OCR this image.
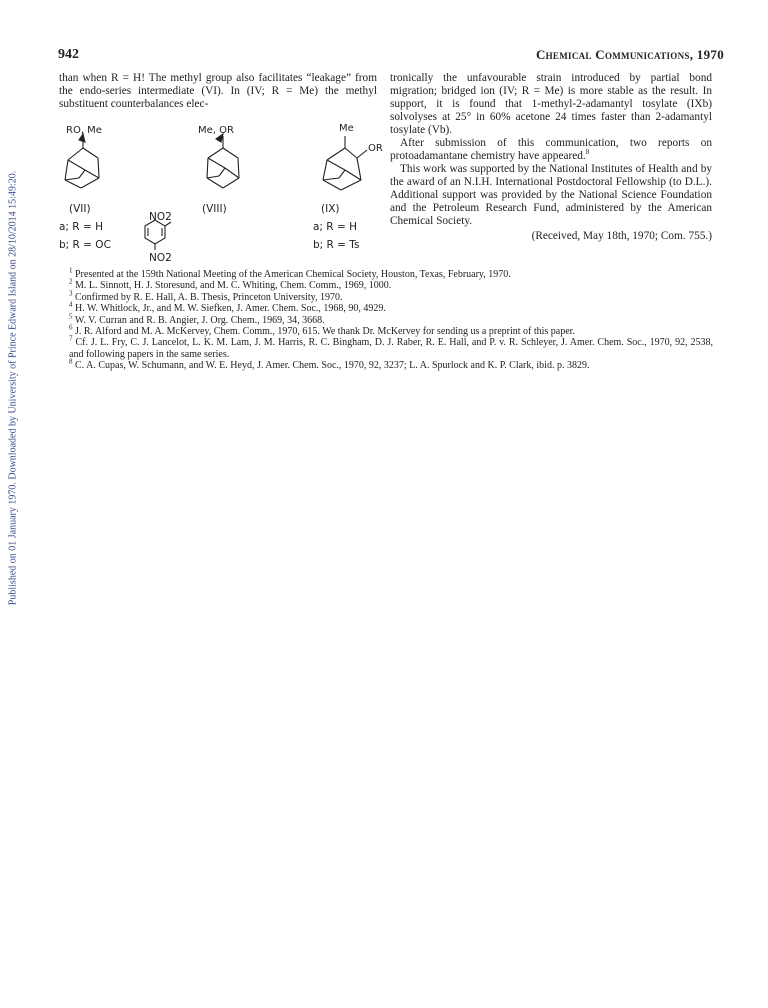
Published on 01 January 1970. Downloaded by University of Prince Edward Island on 28/10/2014 15:49:20.
942	Chemical Communications, 1970

than when R = H! The methyl group also facilitates “leakage” from the endo-series intermediate (VI). In (IV; R = Me) the methyl substituent counterbalances elec-

RO, Me	Me, OR	Me
OR
(VII)	(VIII)	(IX)
a; R = H
b; R = OC
NO2
NO2
a; R = H
b; R = Ts

tronically the unfavourable strain introduced by partial bond migration; bridged ion (IV; R = Me) is more stable as the result. In support, it is found that 1-methyl-2-adamantyl tosylate (IXb) solvolyses at 25° in 60% acetone 24 times faster than 2-adamantyl tosylate (Vb).

After submission of this communication, two reports on protoadamantane chemistry have appeared.$^8$

This work was supported by the National Institutes of Health and by the award of an N.I.H. International Postdoctoral Fellowship (to D.L.). Additional support was provided by the National Science Foundation and the Petroleum Research Fund, administered by the American Chemical Society.

(Received, May 18th, 1970; Com. 755.)

$^1$ Presented at the 159th National Meeting of the American Chemical Society, Houston, Texas, February, 1970.

$^2$ M. L. Sinnott, H. J. Storesund, and M. C. Whiting, Chem. Comm., 1969, 1000.

$^3$ Confirmed by R. E. Hall, A. B. Thesis, Princeton University, 1970.

$^4$ H. W. Whitlock, Jr., and M. W. Siefken, J. Amer. Chem. Soc., 1968, 90, 4929.

$^5$ W. V. Curran and R. B. Angier, J. Org. Chem., 1969, 34, 3668.

$^6$ J. R. Alford and M. A. McKervey, Chem. Comm., 1970, 615. We thank Dr. McKervey for sending us a preprint of this paper.

$^7$ Cf. J. L. Fry, C. J. Lancelot, L. K. M. Lam, J. M. Harris, R. C. Bingham, D. J. Raber, R. E. Hall, and P. v. R. Schleyer, J. Amer. Chem. Soc., 1970, 92, 2538, and following papers in the same series.

$^8$ C. A. Cupas, W. Schumann, and W. E. Heyd, J. Amer. Chem. Soc., 1970, 92, 3237; L. A. Spurlock and K. P. Clark, ibid. p. 3829.
